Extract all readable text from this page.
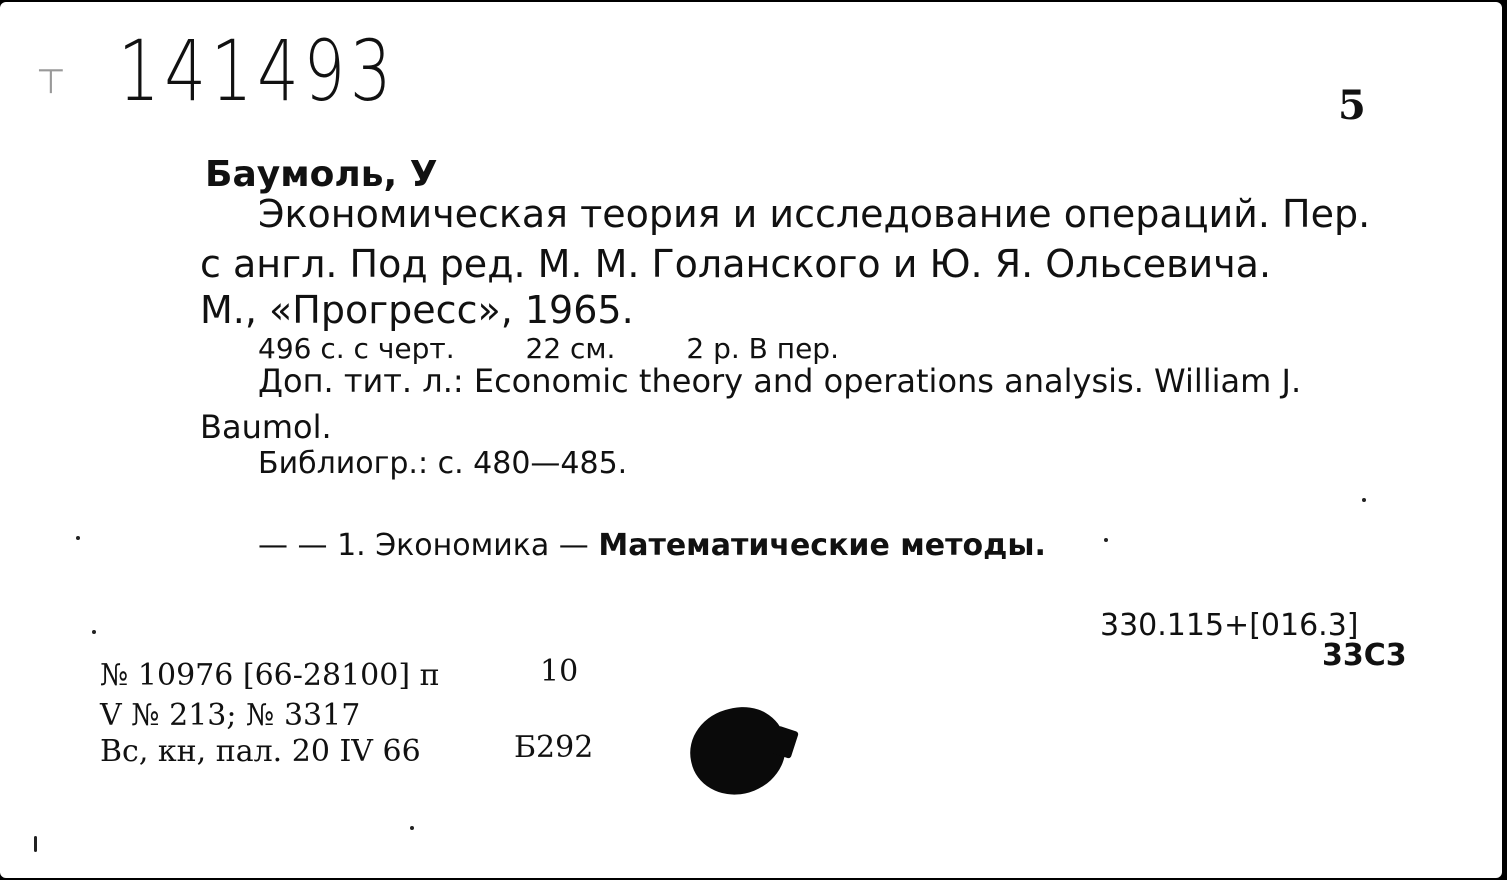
⊤ 141493	5
Баумоль, У
Экономическая теория и исследование операций. Пер.
с англ. Под ред. М. М. Голанского и Ю. Я. Ольсевича.
М., «Прогресс», 1965.
496 с. с черт.	22 см.	2 р. В пер.
Доп. тит. л.: Economic theory and operations analysis. William J.
Baumol.
Библиогр.: с. 480—485.
— — 1. Экономика — Математические методы.
330.115+[016.3]
33С3
№ 10976 [66-28100] п	10
V № 213; № 3317
Вс, кн, пал. 20 IV 66	Б292
